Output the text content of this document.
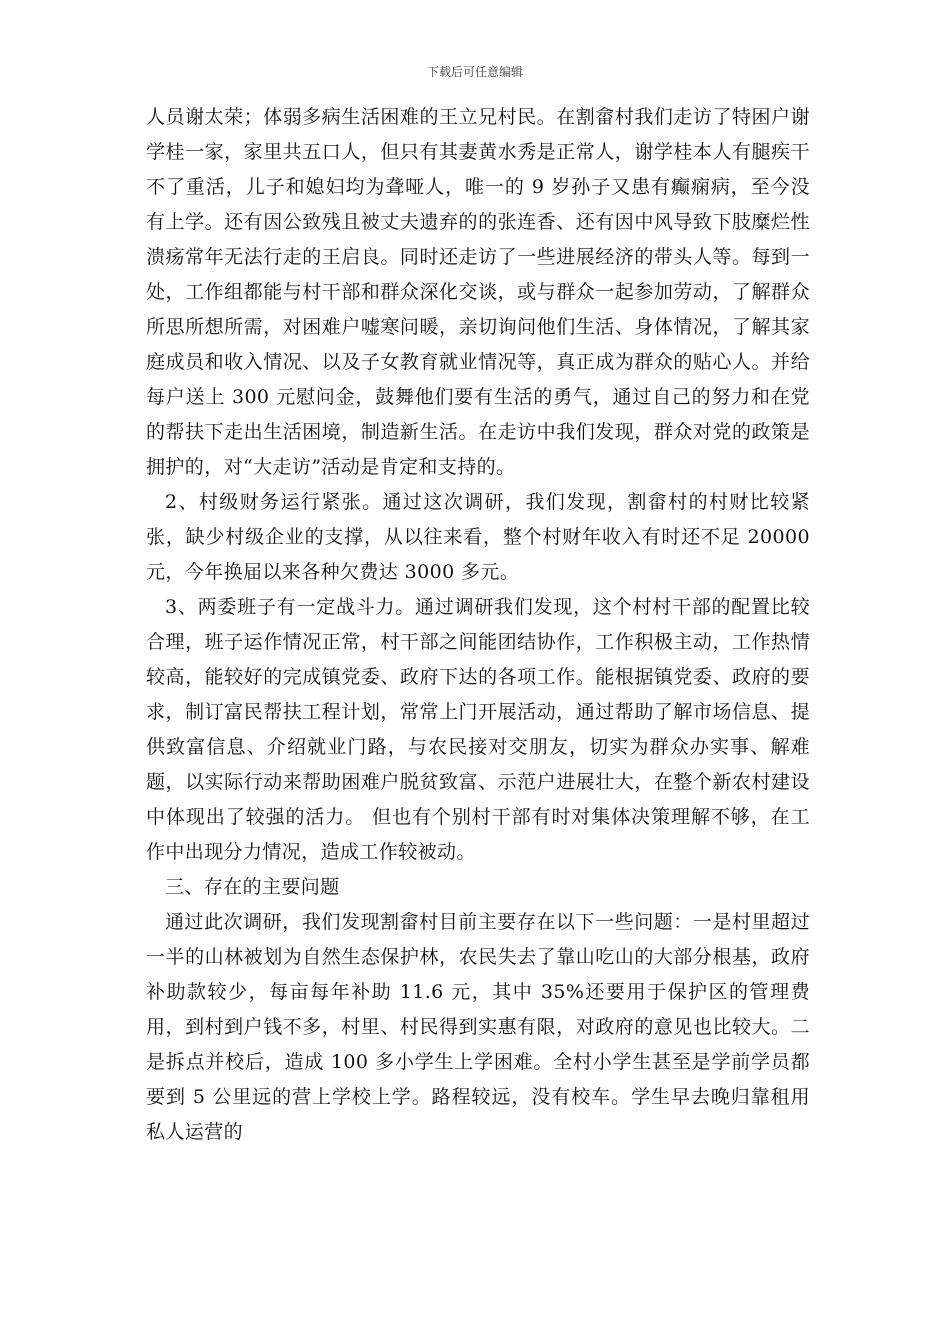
下载后可任意编辑

人员谢太荣；体弱多病生活困难的王立兄村民。在割畲村我们走访了特困户谢学桂一家，家里共五口人，但只有其妻黄水秀是正常人，谢学桂本人有腿疾干不了重活，儿子和媳妇均为聋哑人，唯一的 9 岁孙子又患有癫痫病，至今没有上学。还有因公致残且被丈夫遗弃的的张连香、还有因中风导致下肢糜烂性溃疡常年无法行走的王启良。同时还走访了一些进展经济的带头人等。每到一处，工作组都能与村干部和群众深化交谈，或与群众一起参加劳动，了解群众所思所想所需，对困难户嘘寒问暖，亲切询问他们生活、身体情况，了解其家庭成员和收入情况、以及子女教育就业情况等，真正成为群众的贴心人。并给每户送上 300 元慰问金，鼓舞他们要有生活的勇气，通过自己的努力和在党的帮扶下走出生活困境，制造新生活。在走访中我们发现，群众对党的政策是拥护的，对“大走访”活动是肯定和支持的。

2、村级财务运行紧张。通过这次调研，我们发现，割畲村的村财比较紧张，缺少村级企业的支撑，从以往来看，整个村财年收入有时还不足 20000 元，今年换届以来各种欠费达 3000 多元。

3、两委班子有一定战斗力。通过调研我们发现，这个村村干部的配置比较合理，班子运作情况正常，村干部之间能团结协作，工作积极主动，工作热情较高，能较好的完成镇党委、政府下达的各项工作。能根据镇党委、政府的要求，制订富民帮扶工程计划，常常上门开展活动，通过帮助了解市场信息、提供致富信息、介绍就业门路，与农民接对交朋友，切实为群众办实事、解难题，以实际行动来帮助困难户脱贫致富、示范户进展壮大，在整个新农村建设中体现出了较强的活力。 但也有个别村干部有时对集体决策理解不够，在工作中出现分力情况，造成工作较被动。

三、存在的主要问题

通过此次调研，我们发现割畲村目前主要存在以下一些问题：一是村里超过一半的山林被划为自然生态保护林，农民失去了靠山吃山的大部分根基，政府补助款较少，每亩每年补助 11.6 元，其中 35%还要用于保护区的管理费用，到村到户钱不多，村里、村民得到实惠有限，对政府的意见也比较大。二是拆点并校后，造成 100 多小学生上学困难。全村小学生甚至是学前学员都要到 5 公里远的营上学校上学。路程较远，没有校车。学生早去晚归靠租用私人运营的
